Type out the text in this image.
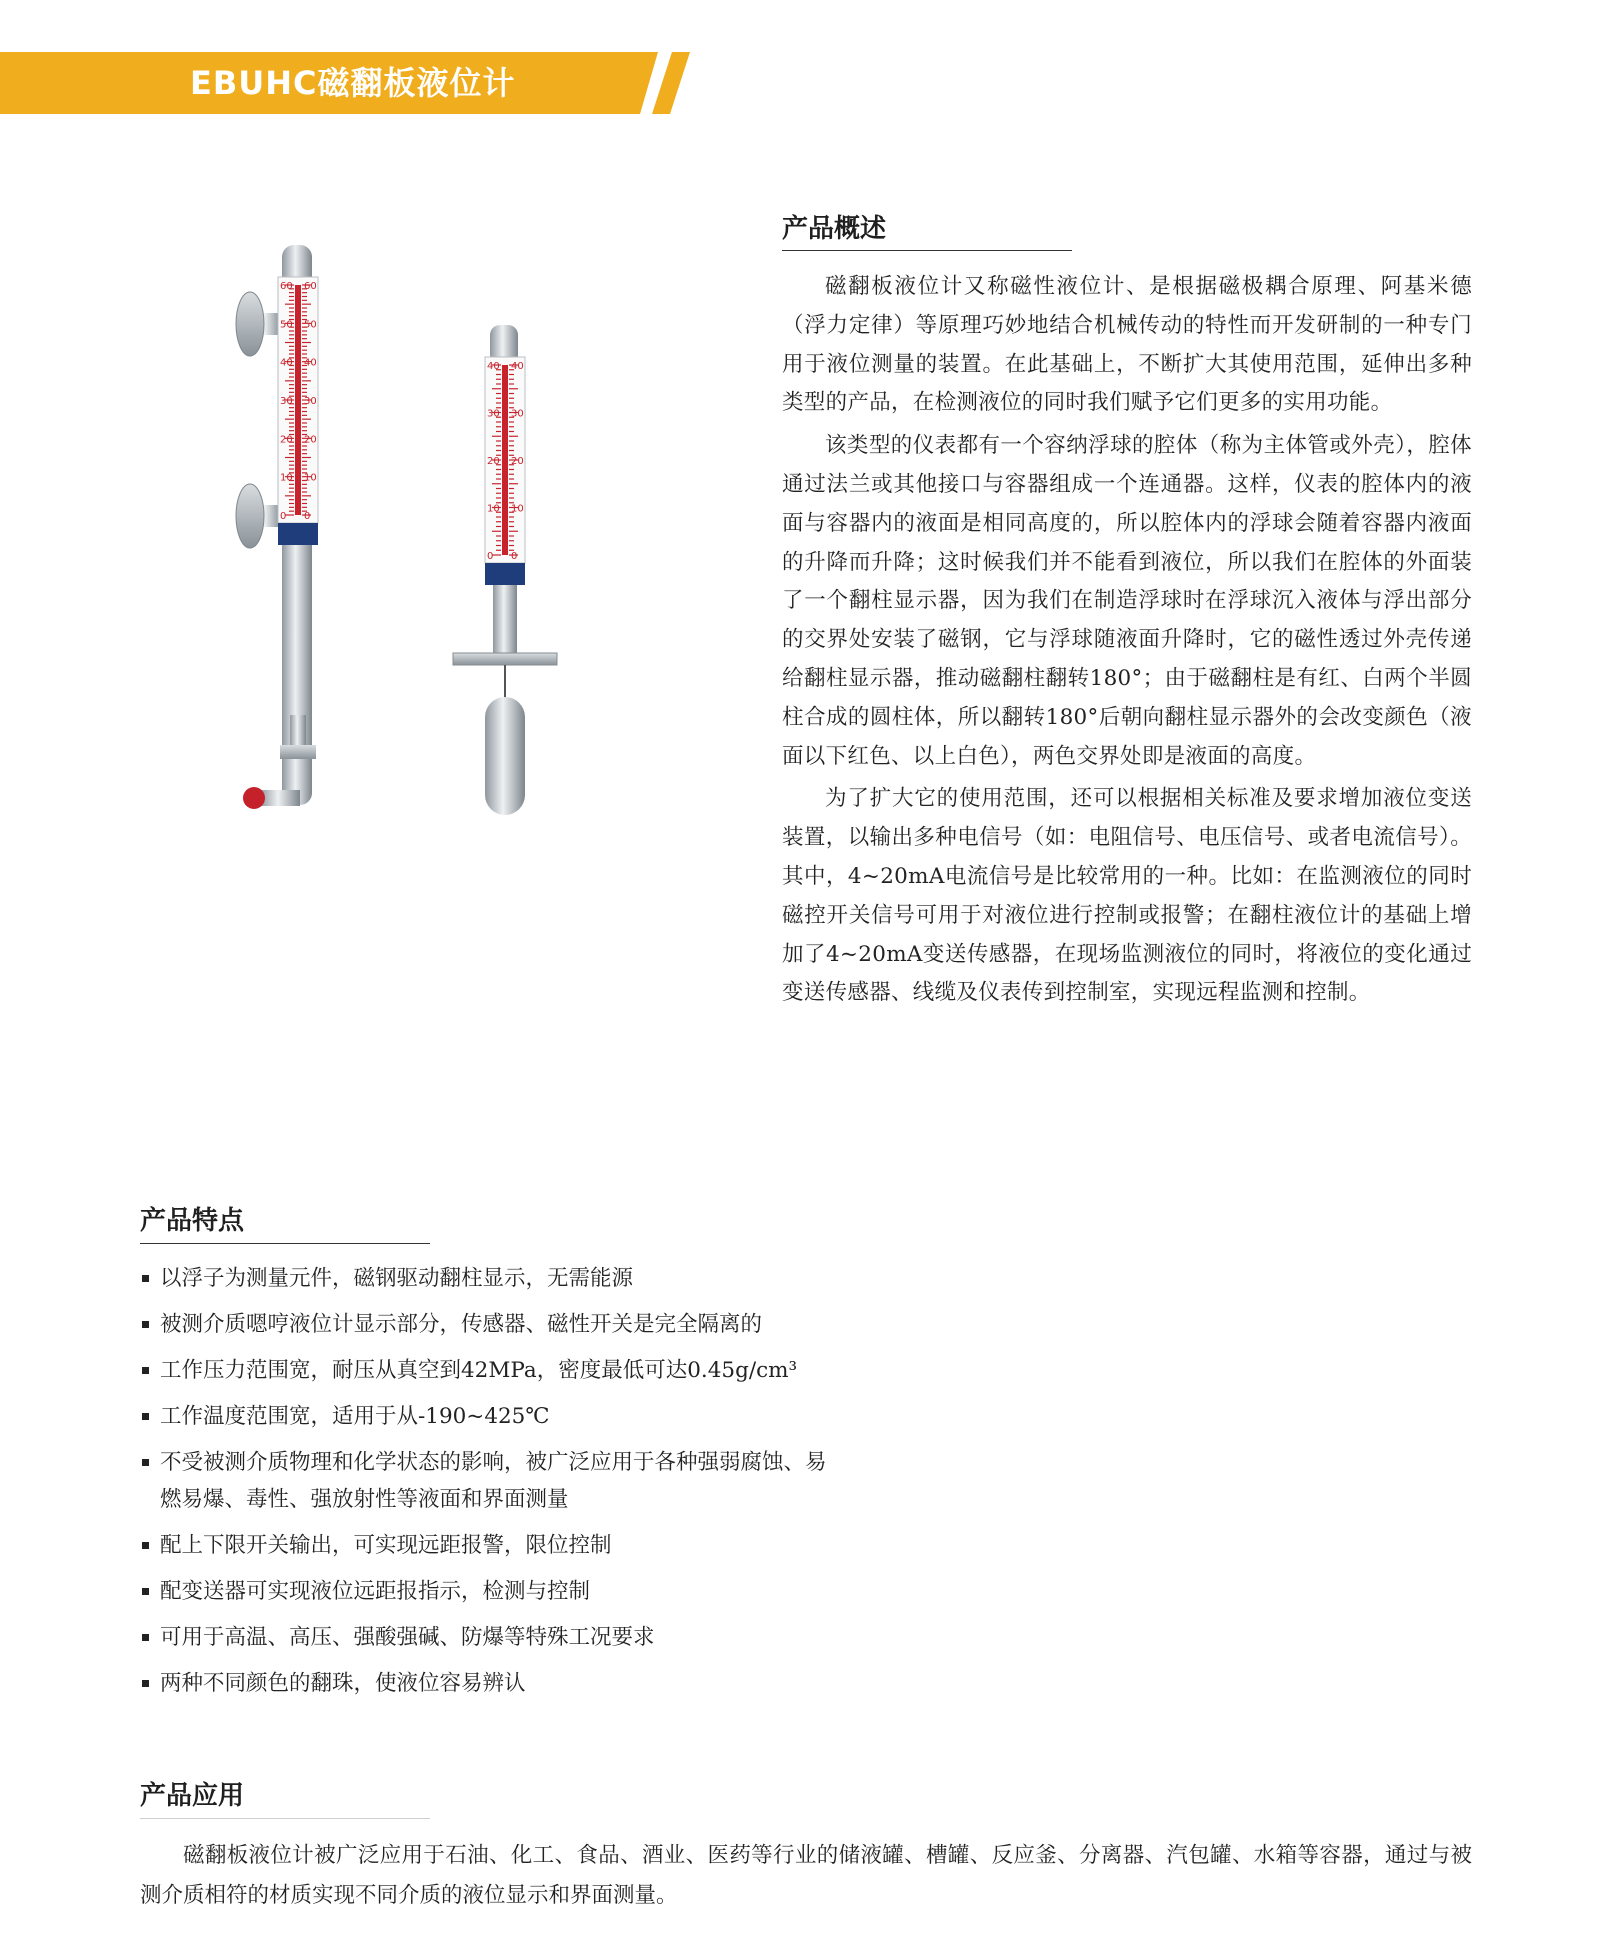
EBUHC磁翻板液位计
60 60
50 50
40 40
30 30
20 20
10 10
0 0
40 40
30 30
20 20
10 10
0 0
产品概述

磁翻板液位计又称磁性液位计、是根据磁极耦合原理、阿基米德（浮力定律）等原理巧妙地结合机械传动的特性而开发研制的一种专门用于液位测量的装置。在此基础上，不断扩大其使用范围，延伸出多种类型的产品，在检测液位的同时我们赋予它们更多的实用功能。

该类型的仪表都有一个容纳浮球的腔体（称为主体管或外壳），腔体通过法兰或其他接口与容器组成一个连通器。这样，仪表的腔体内的液面与容器内的液面是相同高度的，所以腔体内的浮球会随着容器内液面的升降而升降；这时候我们并不能看到液位，所以我们在腔体的外面装了一个翻柱显示器，因为我们在制造浮球时在浮球沉入液体与浮出部分的交界处安装了磁钢，它与浮球随液面升降时，它的磁性透过外壳传递给翻柱显示器，推动磁翻柱翻转180°；由于磁翻柱是有红、白两个半圆柱合成的圆柱体，所以翻转180°后朝向翻柱显示器外的会改变颜色（液面以下红色、以上白色），两色交界处即是液面的高度。

为了扩大它的使用范围，还可以根据相关标准及要求增加液位变送装置，以输出多种电信号（如：电阻信号、电压信号、或者电流信号）。其中，4~20mA电流信号是比较常用的一种。比如：在监测液位的同时磁控开关信号可用于对液位进行控制或报警；在翻柱液位计的基础上增加了4~20mA变送传感器，在现场监测液位的同时，将液位的变化通过变送传感器、线缆及仪表传到控制室，实现远程监测和控制。

产品特点
以浮子为测量元件，磁钢驱动翻柱显示，无需能源
被测介质嗯哼液位计显示部分，传感器、磁性开关是完全隔离的
工作压力范围宽，耐压从真空到42MPa，密度最低可达0.45g/cm³
工作温度范围宽，适用于从-190~425℃
不受被测介质物理和化学状态的影响，被广泛应用于各种强弱腐蚀、易燃易爆、毒性、强放射性等液面和界面测量
配上下限开关输出，可实现远距报警，限位控制
配变送器可实现液位远距报指示，检测与控制
可用于高温、高压、强酸强碱、防爆等特殊工况要求
两种不同颜色的翻珠，使液位容易辨认
产品应用

磁翻板液位计被广泛应用于石油、化工、食品、酒业、医药等行业的储液罐、槽罐、反应釜、分离器、汽包罐、水箱等容器，通过与被测介质相符的材质实现不同介质的液位显示和界面测量。
